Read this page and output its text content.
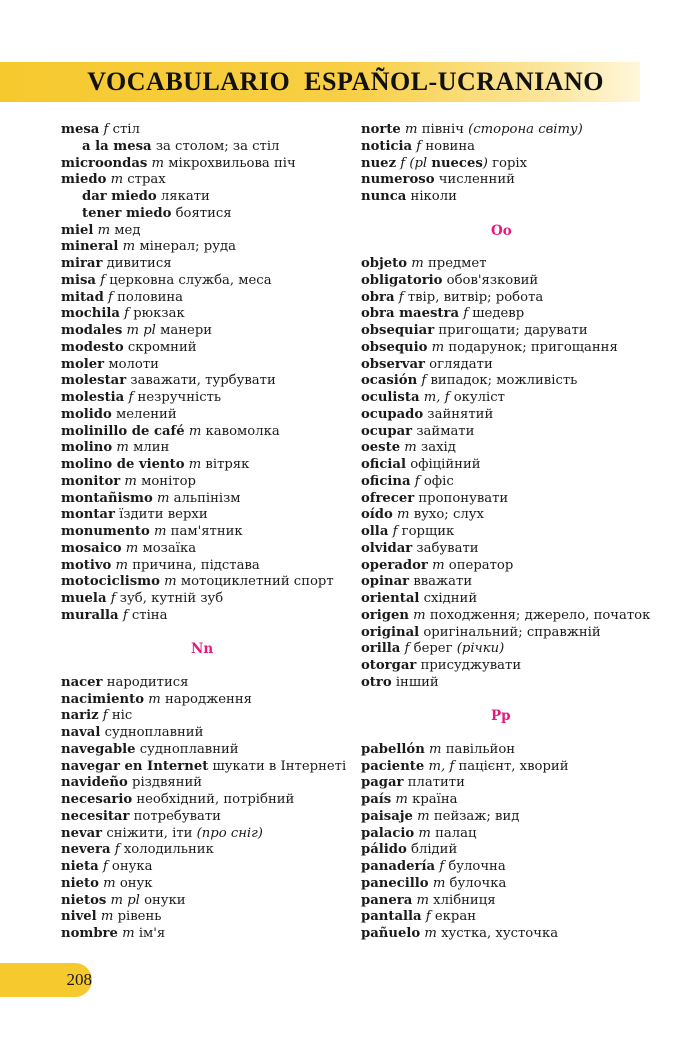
VOCABULARIO  ESPAÑOL-UCRANIANO
mesa f стіл
a la mesa за столом; за стіл
microondas m мікрохвильова піч
miedo m страх
dar miedo лякати
tener miedo боятися
miel m мед
mineral m мінерал; руда
mirar дивитися
misa f церковна служба, меса
mitad f половина
mochila f рюкзак
modales m pl манери
modesto скромний
moler молоти
molestar заважати, турбувати
molestia f незручність
molido мелений
molinillo de café m кавомолка
molino m млин
molino de viento m вітряк
monitor m монітор
montañismo m альпінізм
montar їздити верхи
monumento m пам'ятник
mosaico m мозаїка
motivo m причина, підстава
motociclismo m мотоциклетний спорт
muela f зуб, кутній зуб
muralla f стіна
Nn
nacer народитися
nacimiento m народження
nariz f ніс
naval судноплавний
navegable судноплавний
navegar en Internet шукати в Інтернеті
navideño різдвяний
necesario необхідний, потрібний
necesitar потребувати
nevar сніжити, іти (про сніг)
nevera f холодильник
nieta f онука
nieto m онук
nietos m pl онуки
nivel m рівень
nombre m ім'я
norte m північ (сторона світу)
noticia f новина
nuez f (pl nueces) горіх
numeroso численний
nunca ніколи
Oo
objeto m предмет
obligatorio обов'язковий
obra f твір, витвір; робота
obra maestra f шедевр
obsequiar пригощати; дарувати
obsequio m подарунок; пригощання
observar оглядати
ocasión f випадок; можливість
oculista m, f окуліст
ocupado зайнятий
ocupar займати
oeste m захід
oficial офіційний
oficina f офіс
ofrecer пропонувати
oído m вухо; слух
olla f горщик
olvidar забувати
operador m оператор
opinar вважати
oriental східний
origen m походження; джерело, початок
original оригінальний; справжній
orilla f берег (річки)
otorgar присуджувати
otro інший
Pp
pabellón m павільйон
paciente m, f пацієнт, хворий
pagar платити
país m країна
paisaje m пейзаж; вид
palacio m палац
pálido блідий
panadería f булочна
panecillo m булочка
panera m хлібниця
pantalla f екран
pañuelo m хустка, хусточка
208
